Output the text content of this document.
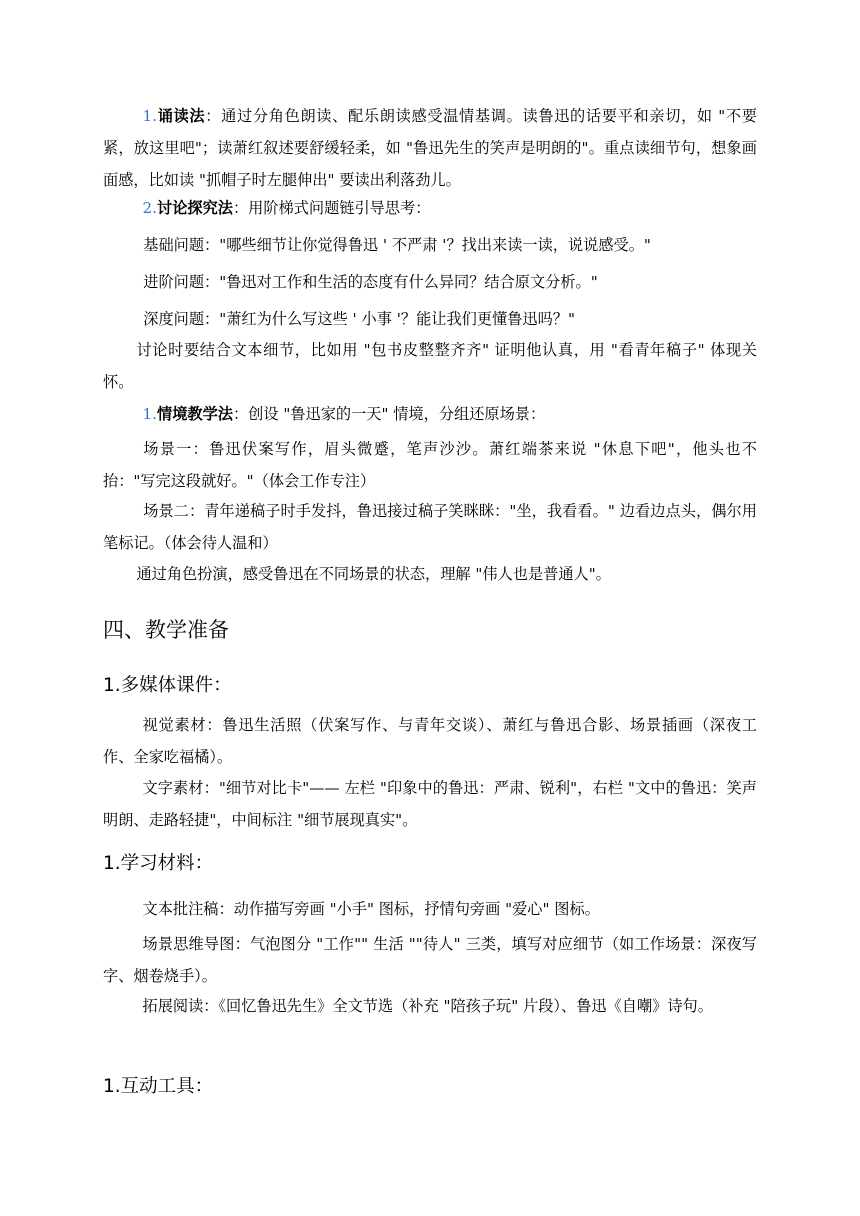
1.诵读法：通过分角色朗读、配乐朗读感受温情基调。读鲁迅的话要平和亲切，如 "不要紧，放这里吧"；读萧红叙述要舒缓轻柔，如 "鲁迅先生的笑声是明朗的"。重点读细节句，想象画面感，比如读 "抓帽子时左腿伸出" 要读出利落劲儿。

2.讨论探究法：用阶梯式问题链引导思考：

基础问题："哪些细节让你觉得鲁迅 ' 不严肃 '？找出来读一读，说说感受。"

进阶问题："鲁迅对工作和生活的态度有什么异同？结合原文分析。"

深度问题："萧红为什么写这些 ' 小事 '？能让我们更懂鲁迅吗？"

讨论时要结合文本细节，比如用 "包书皮整整齐齐" 证明他认真，用 "看青年稿子" 体现关怀。

1.情境教学法：创设 "鲁迅家的一天" 情境，分组还原场景：

场景一：鲁迅伏案写作，眉头微蹙，笔声沙沙。萧红端茶来说 "休息下吧"，他头也不抬："写完这段就好。"（体会工作专注）

场景二：青年递稿子时手发抖，鲁迅接过稿子笑眯眯："坐，我看看。" 边看边点头，偶尔用笔标记。（体会待人温和）

通过角色扮演，感受鲁迅在不同场景的状态，理解 "伟人也是普通人"。

四、教学准备
1.多媒体课件：

视觉素材：鲁迅生活照（伏案写作、与青年交谈）、萧红与鲁迅合影、场景插画（深夜工作、全家吃福橘）。

文字素材："细节对比卡"—— 左栏 "印象中的鲁迅：严肃、锐利"，右栏 "文中的鲁迅：笑声明朗、走路轻捷"，中间标注 "细节展现真实"。

1.学习材料：

文本批注稿：动作描写旁画 "小手" 图标，抒情句旁画 "爱心" 图标。

场景思维导图：气泡图分 "工作"" 生活 ""待人" 三类，填写对应细节（如工作场景：深夜写字、烟卷烧手）。

拓展阅读：《回忆鲁迅先生》全文节选（补充 "陪孩子玩" 片段）、鲁迅《自嘲》诗句。

1.互动工具：
